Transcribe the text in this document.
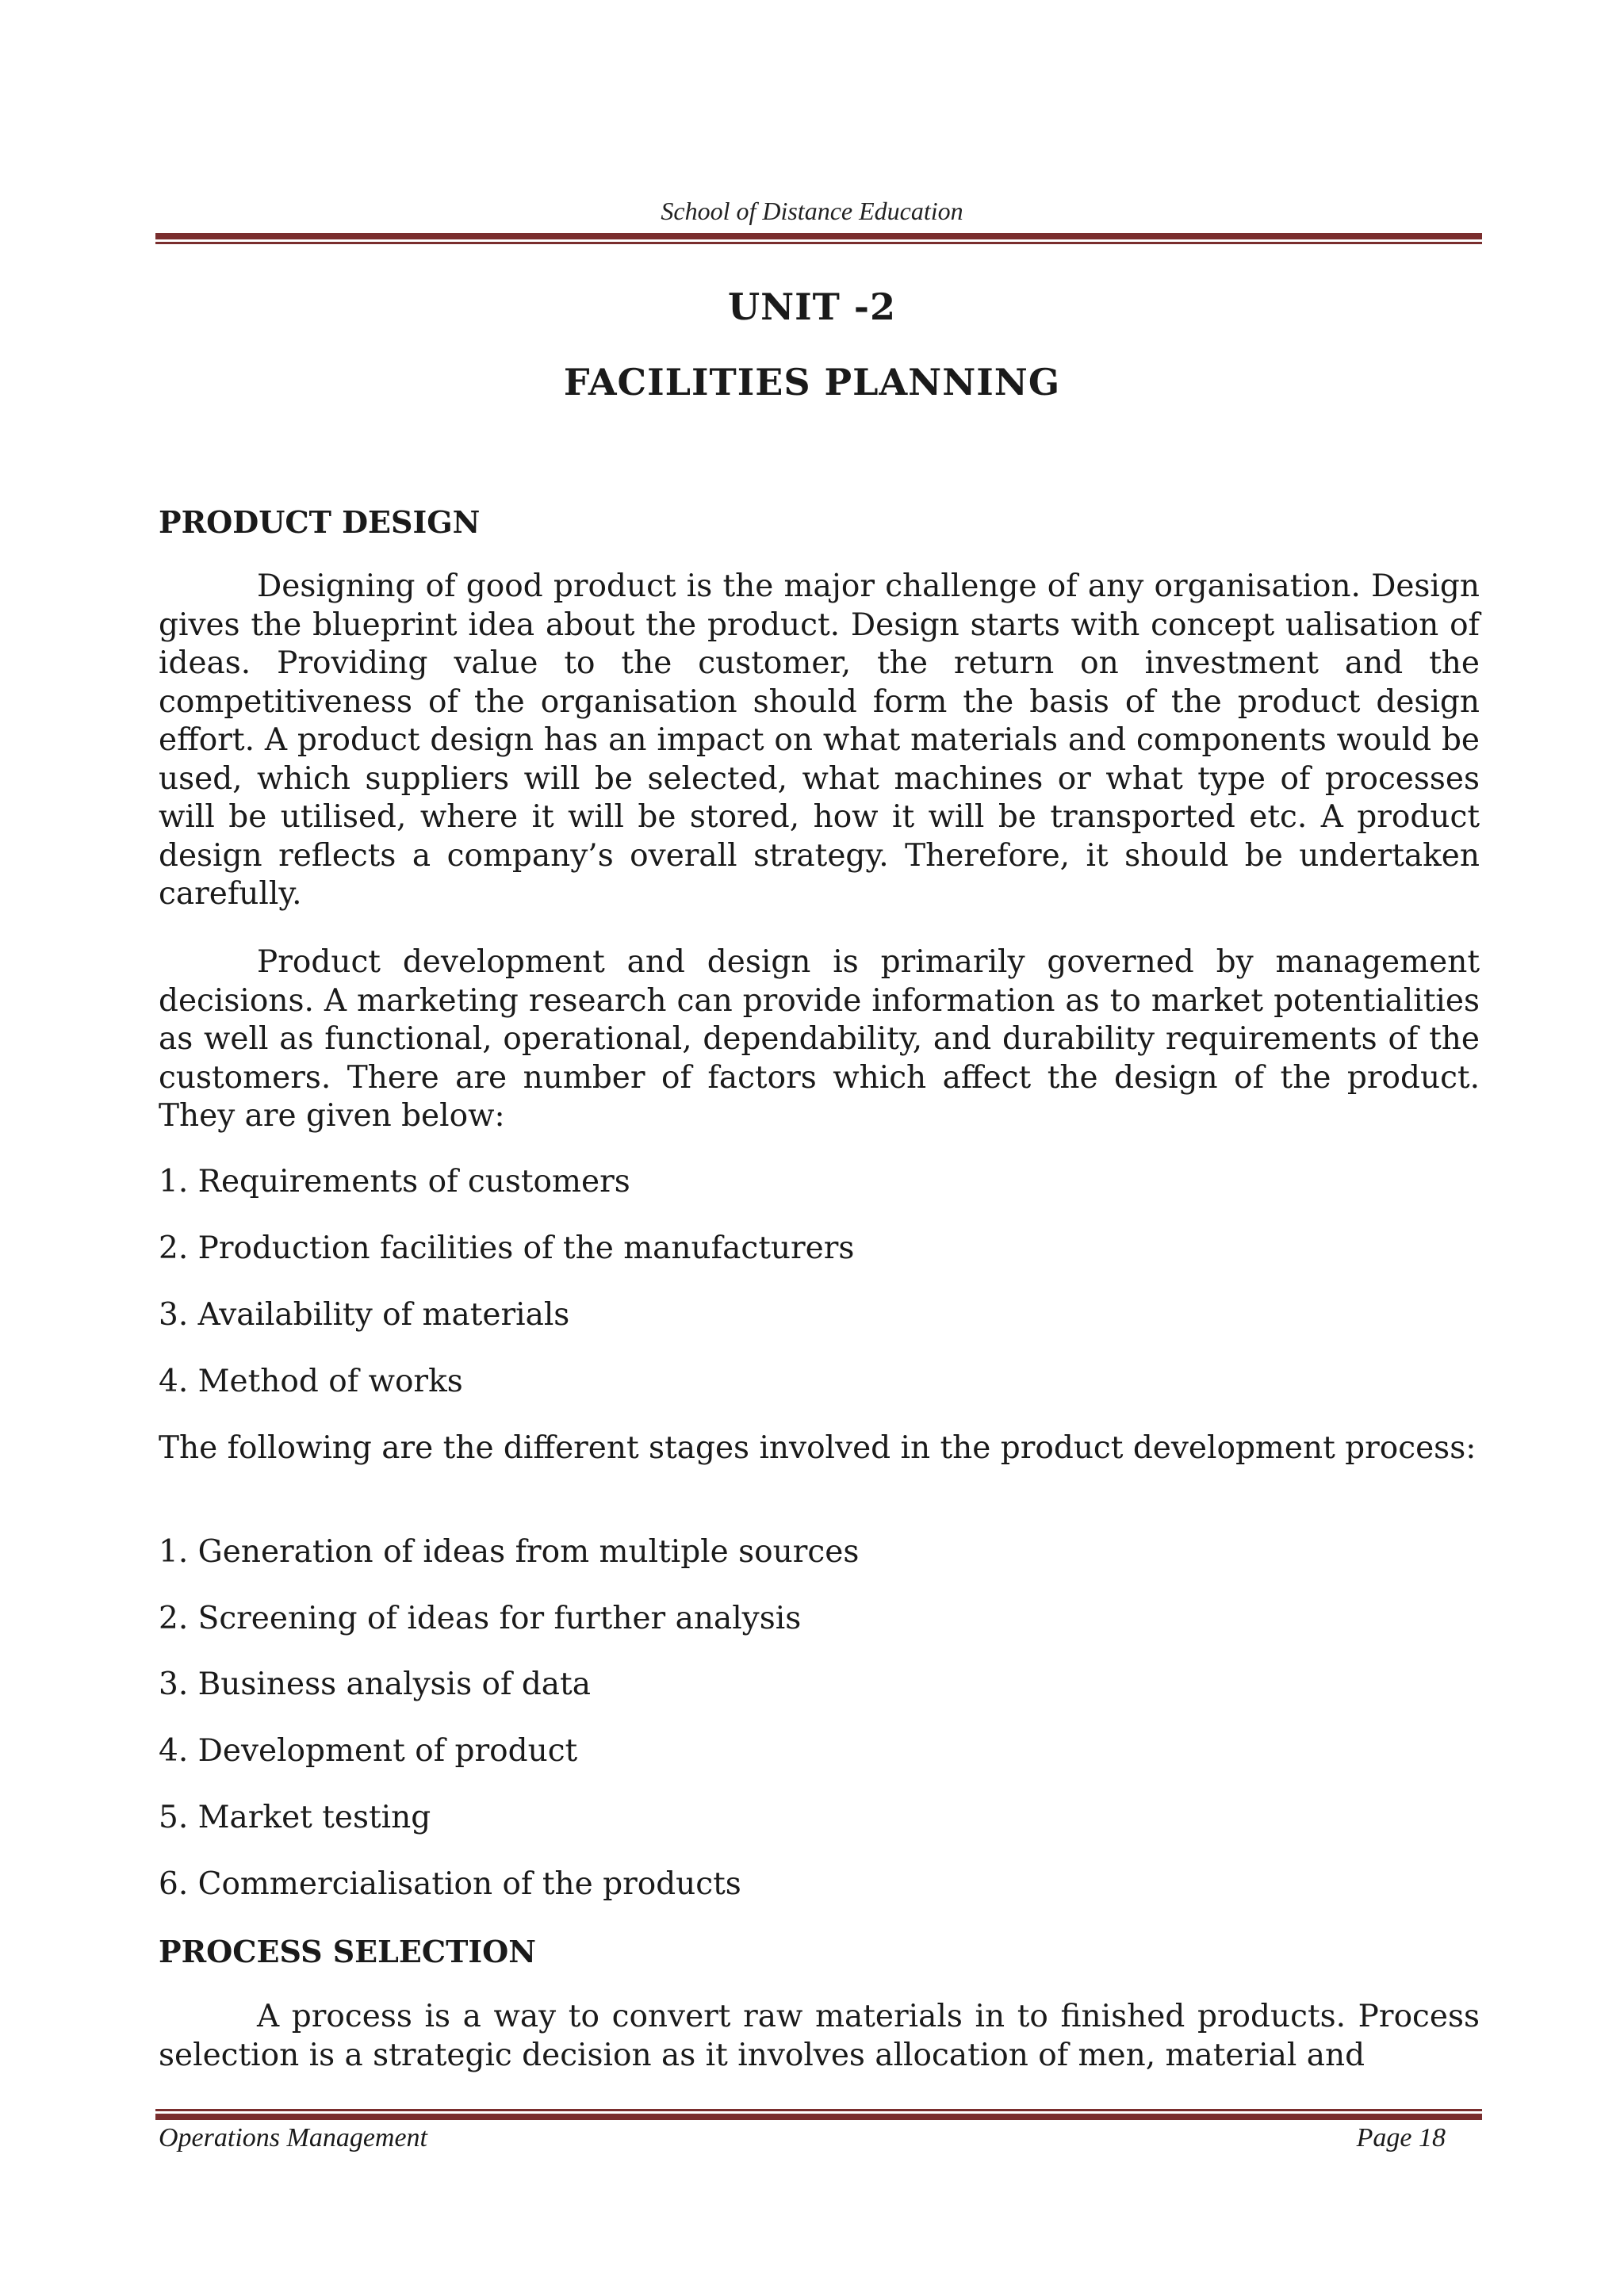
School of Distance Education
UNIT -2
FACILITIES PLANNING
PRODUCT DESIGN

Designing of good product is the major challenge of any organisation. Design gives the blueprint idea about the product. Design starts with concept ualisation of ideas. Providing value to the customer, the return on investment and the competitiveness of the organisation should form the basis of the product design effort. A product design has an impact on what materials and components would be used, which suppliers will be selected, what machines or what type of processes will be utilised, where it will be stored, how it will be transported etc. A product design reflects a company’s overall strategy. Therefore, it should be undertaken carefully.

Product development and design is primarily governed by management decisions. A marketing research can provide information as to market potentialities as well as functional, operational, dependability, and durability requirements of the customers. There are number of factors which affect the design of the product. They are given below:

1. Requirements of customers
2. Production facilities of the manufacturers
3. Availability of materials
4. Method of works

The following are the different stages involved in the product development process:

1. Generation of ideas from multiple sources
2. Screening of ideas for further analysis
3. Business analysis of data
4. Development of product
5. Market testing
6. Commercialisation of the products
PROCESS SELECTION

A process is a way to convert raw materials in to finished products. Process selection is a strategic decision as it involves allocation of men, material and

Operations Management	Page 18
